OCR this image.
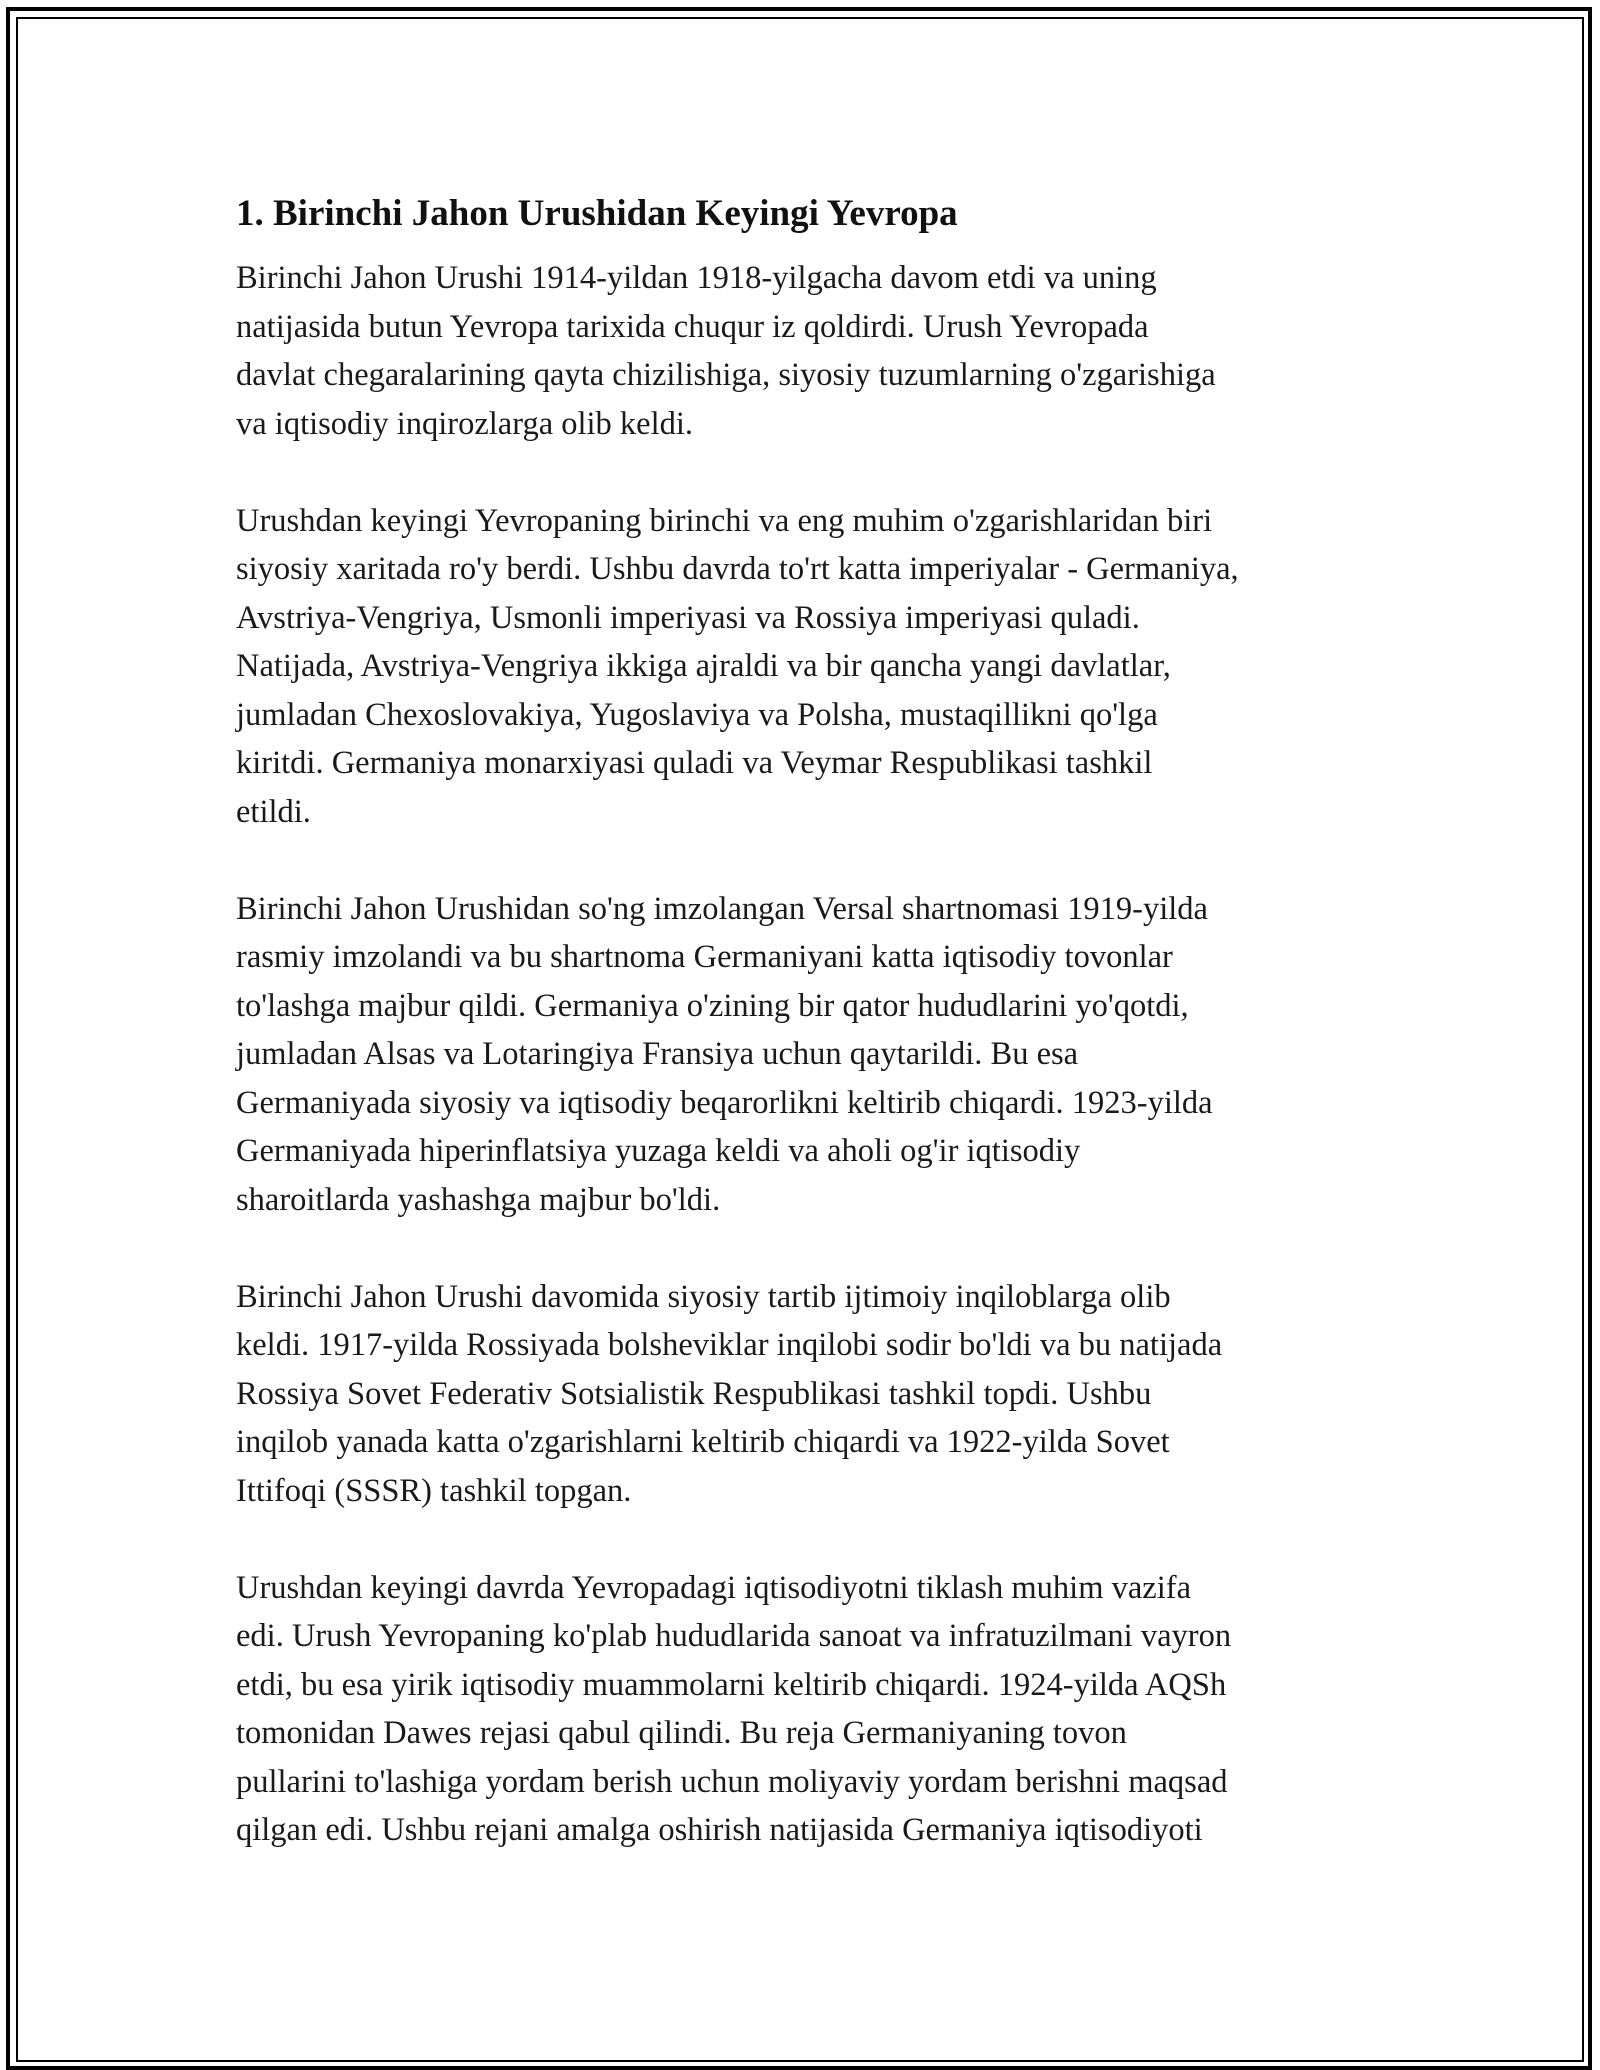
1. Birinchi Jahon Urushidan Keyingi Yevropa

Birinchi Jahon Urushi 1914-yildan 1918-yilgacha davom etdi va uning
natijasida butun Yevropa tarixida chuqur iz qoldirdi. Urush Yevropada
davlat chegaralarining qayta chizilishiga, siyosiy tuzumlarning o'zgarishiga
va iqtisodiy inqirozlarga olib keldi.

Urushdan keyingi Yevropaning birinchi va eng muhim o'zgarishlaridan biri
siyosiy xaritada ro'y berdi. Ushbu davrda to'rt katta imperiyalar - Germaniya,
Avstriya-Vengriya, Usmonli imperiyasi va Rossiya imperiyasi quladi.
Natijada, Avstriya-Vengriya ikkiga ajraldi va bir qancha yangi davlatlar,
jumladan Chexoslovakiya, Yugoslaviya va Polsha, mustaqillikni qo'lga
kiritdi. Germaniya monarxiyasi quladi va Veymar Respublikasi tashkil
etildi.

Birinchi Jahon Urushidan so'ng imzolangan Versal shartnomasi 1919-yilda
rasmiy imzolandi va bu shartnoma Germaniyani katta iqtisodiy tovonlar
to'lashga majbur qildi. Germaniya o'zining bir qator hududlarini yo'qotdi,
jumladan Alsas va Lotaringiya Fransiya uchun qaytarildi. Bu esa
Germaniyada siyosiy va iqtisodiy beqarorlikni keltirib chiqardi. 1923-yilda
Germaniyada hiperinflatsiya yuzaga keldi va aholi og'ir iqtisodiy
sharoitlarda yashashga majbur bo'ldi.

Birinchi Jahon Urushi davomida siyosiy tartib ijtimoiy inqiloblarga olib
keldi. 1917-yilda Rossiyada bolsheviklar inqilobi sodir bo'ldi va bu natijada
Rossiya Sovet Federativ Sotsialistik Respublikasi tashkil topdi. Ushbu
inqilob yanada katta o'zgarishlarni keltirib chiqardi va 1922-yilda Sovet
Ittifoqi (SSSR) tashkil topgan.

Urushdan keyingi davrda Yevropadagi iqtisodiyotni tiklash muhim vazifa
edi. Urush Yevropaning ko'plab hududlarida sanoat va infratuzilmani vayron
etdi, bu esa yirik iqtisodiy muammolarni keltirib chiqardi. 1924-yilda AQSh
tomonidan Dawes rejasi qabul qilindi. Bu reja Germaniyaning tovon
pullarini to'lashiga yordam berish uchun moliyaviy yordam berishni maqsad
qilgan edi. Ushbu rejani amalga oshirish natijasida Germaniya iqtisodiyoti
